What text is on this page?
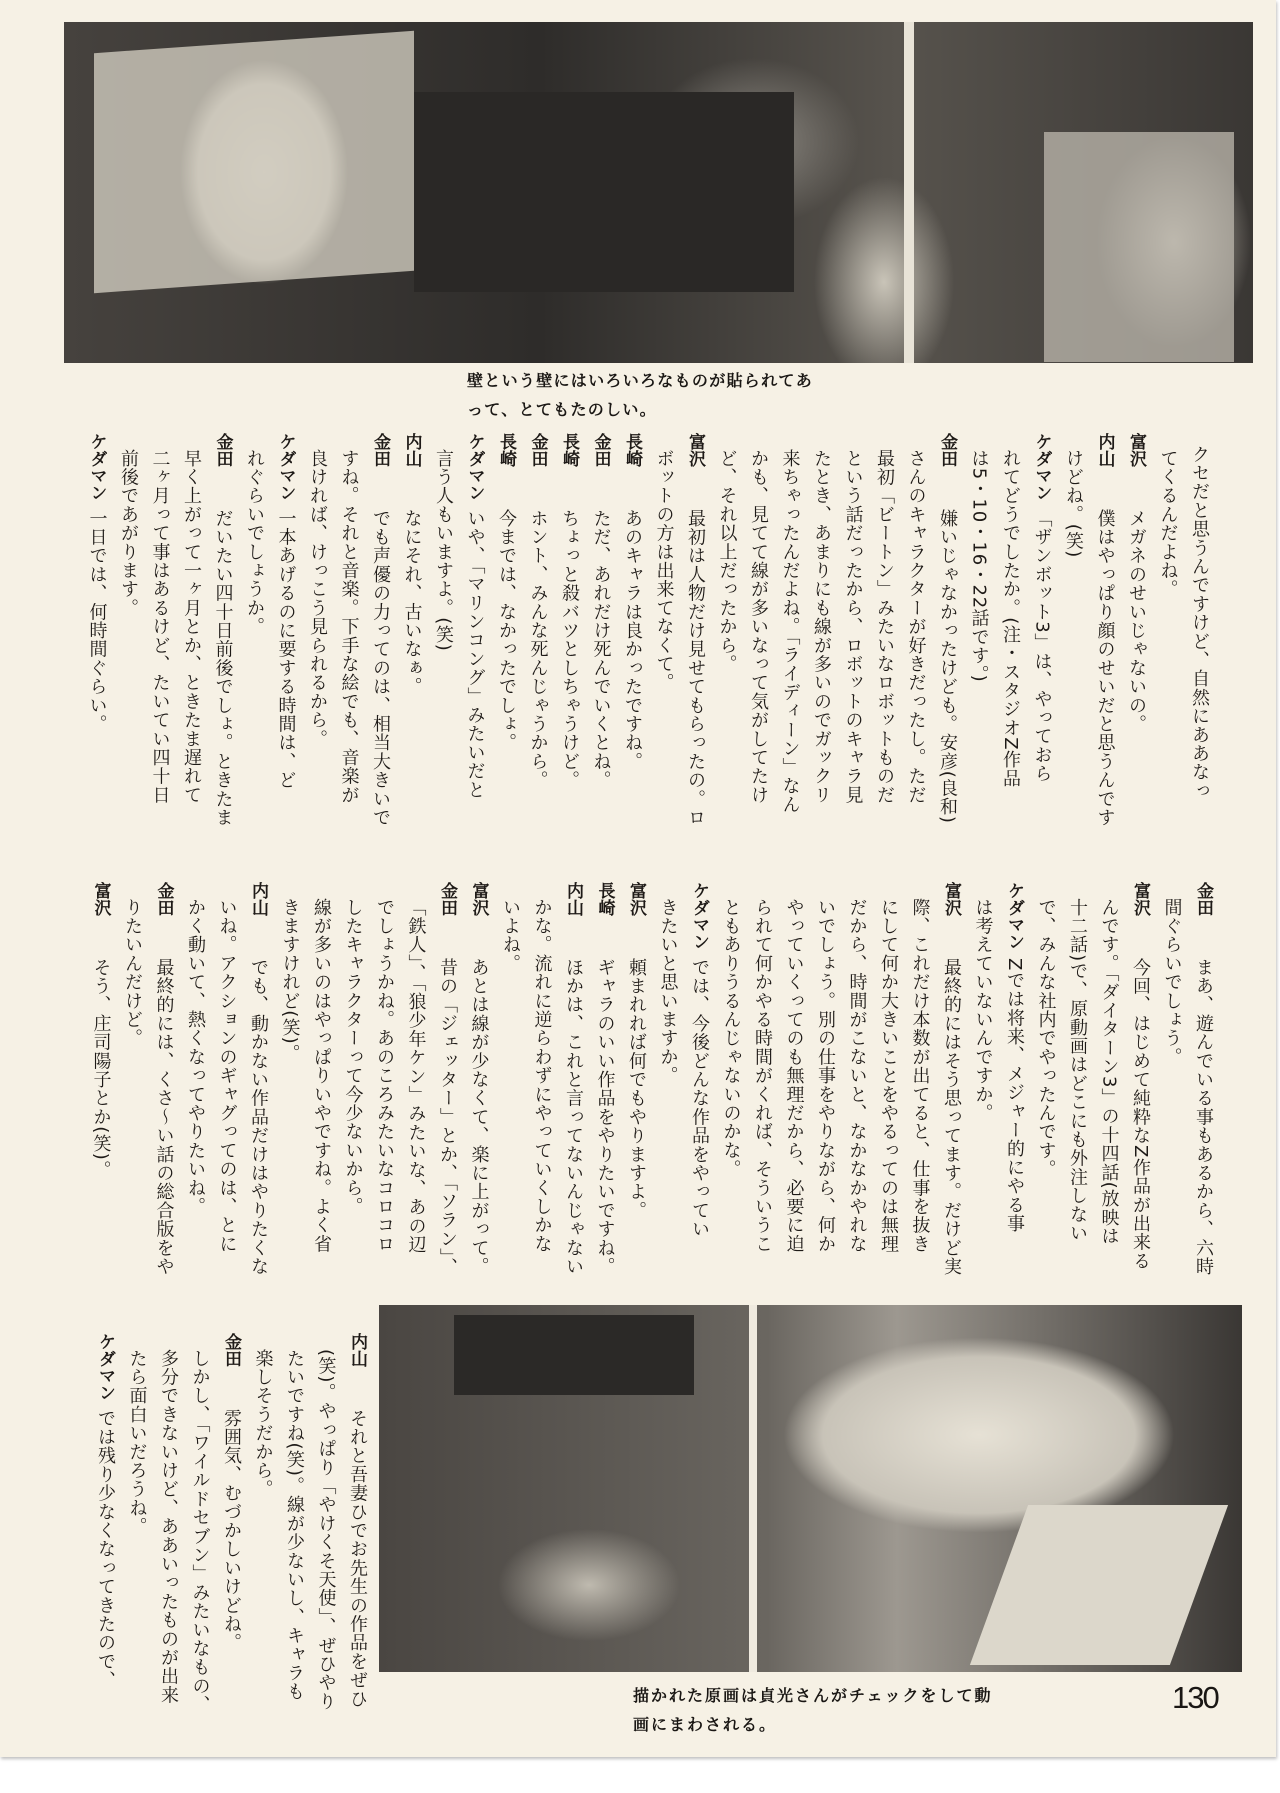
壁という壁にはいろいろなものが貼られてあ
って、とてもたのしい。
クセだと思うんですけど、自然にああなっ
てくるんだよね。
富沢メガネのせいじゃないの。
内山僕はやっぱり顔のせいだと思うんです
けどね。(笑)
ケダマン「ザンボット3」は、やっておら
れてどうでしたか。(注・スタジオZ作品
は5・10・16・22話です。)
金田嫌いじゃなかったけども。安彦(良和)
さんのキャラクターが好きだったし。ただ
最初「ビートン」みたいなロボットものだ
という話だったから、ロボットのキャラ見
たとき、あまりにも線が多いのでガックリ
来ちゃったんだよね。「ライディーン」なん
かも、見てて線が多いなって気がしてたけ
ど、それ以上だったから。
富沢最初は人物だけ見せてもらったの。ロ
ボットの方は出来てなくて。
長崎あのキャラは良かったですね。
金田ただ、あれだけ死んでいくとね。
長崎ちょっと殺バツとしちゃうけど。
金田ホント、みんな死んじゃうから。
長崎今までは、なかったでしょ。
ケダマンいや、「マリンコング」みたいだと
言う人もいますよ。(笑)
内山なにそれ、古いなぁ。
金田でも声優の力ってのは、相当大きいで
すね。それと音楽。下手な絵でも、音楽が
良ければ、けっこう見られるから。
ケダマン一本あげるのに要する時間は、ど
れぐらいでしょうか。
金田だいたい四十日前後でしょ。ときたま
早く上がって一ヶ月とか、ときたま遅れて
二ヶ月って事はあるけど、たいてい四十日
前後であがります。
ケダマン一日では、何時間ぐらい。
金田まあ、遊んでいる事もあるから、六時
間ぐらいでしょう。
富沢今回、はじめて純粋なZ作品が出来る
んです。「ダイターン3」の十四話(放映は
十二話)で、原動画はどこにも外注しない
で、みんな社内でやったんです。
ケダマンZでは将来、メジャー的にやる事
は考えていないんですか。
富沢最終的にはそう思ってます。だけど実
際、これだけ本数が出てると、仕事を抜き
にして何か大きいことをやるってのは無理
だから、時間がこないと、なかなかやれな
いでしょう。別の仕事をやりながら、何か
やっていくってのも無理だから、必要に迫
られて何かやる時間がくれば、そういうこ
ともありうるんじゃないのかな。
ケダマンでは、今後どんな作品をやってい
きたいと思いますか。
富沢頼まれれば何でもやりますよ。
長崎ギャラのいい作品をやりたいですね。
内山ほかは、これと言ってないんじゃない
かな。流れに逆らわずにやっていくしかな
いよね。
富沢あとは線が少なくて、楽に上がって。
金田昔の「ジェッター」とか、「ソラン」、
「鉄人」、「狼少年ケン」みたいな、あの辺
でしょうかね。あのころみたいなコロコロ
したキャラクターって今少ないから。
線が多いのはやっぱりいやですね。よく省
きますけれど(笑)。
内山でも、動かない作品だけはやりたくな
いね。アクションのギャグってのは、とに
かく動いて、熱くなってやりたいね。
金田最終的には、くさ～い話の総合版をや
りたいんだけど。
富沢そう、庄司陽子とか(笑)。
内山それと吾妻ひでお先生の作品をぜひ
(笑)。やっぱり「やけくそ天使」、ぜひやり
たいですね(笑)。線が少ないし、キャラも
楽しそうだから。
金田雰囲気、むづかしいけどね。
しかし、「ワイルドセブン」みたいなもの、
多分できないけど、ああいったものが出来
たら面白いだろうね。
ケダマンでは残り少なくなってきたので、
描かれた原画は貞光さんがチェックをして動
画にまわされる。
130
